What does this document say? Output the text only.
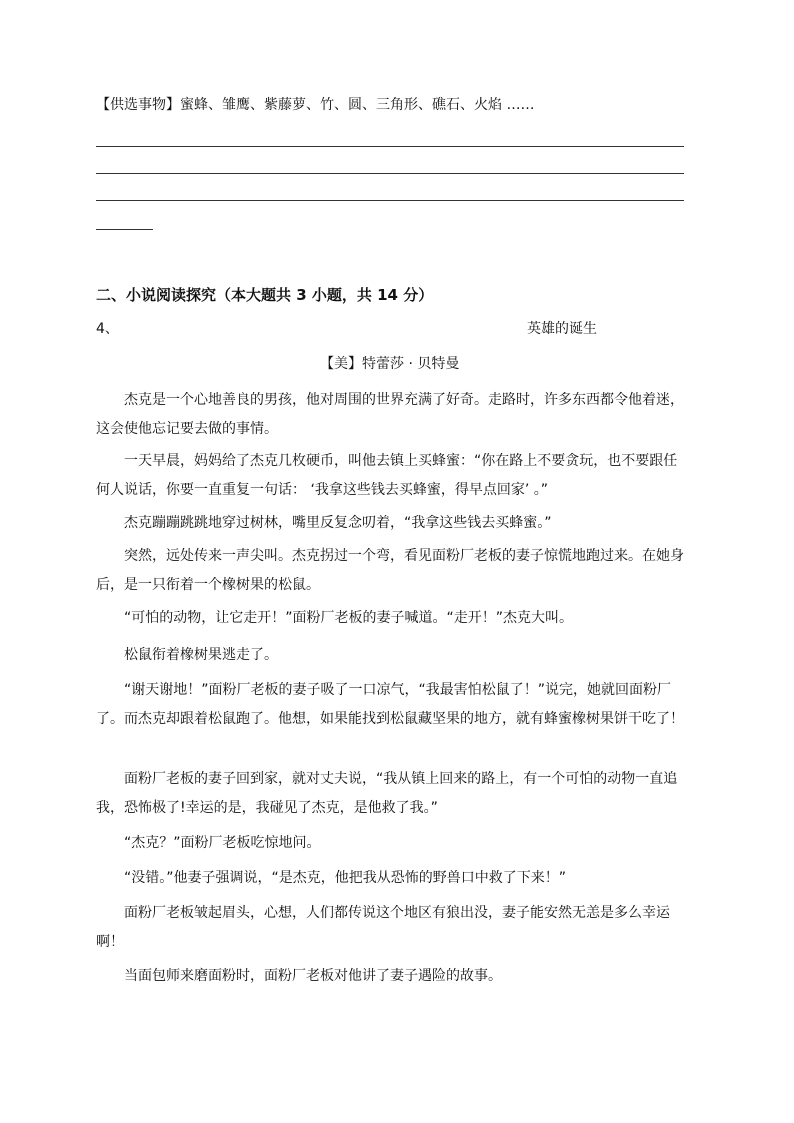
【供选事物】蜜蜂、雏鹰、紫藤萝、竹、圆、三角形、礁石、火焰 ……
二、小说阅读探究（本大题共 3 小题，共 14 分）
4、	英雄的诞生
【美】特蕾莎 · 贝特曼
杰克是一个心地善良的男孩，他对周围的世界充满了好奇。走路时，许多东西都令他着迷，这会使他忘记要去做的事情。
一天早晨，妈妈给了杰克几枚硬币，叫他去镇上买蜂蜜：“你在路上不要贪玩，也不要跟任何人说话，你要一直重复一句话： ‘我拿这些钱去买蜂蜜，得早点回家’ 。”
杰克蹦蹦跳跳地穿过树林，嘴里反复念叨着，“我拿这些钱去买蜂蜜。”
突然，远处传来一声尖叫。杰克拐过一个弯，看见面粉厂老板的妻子惊慌地跑过来。在她身后，是一只衔着一个橡树果的松鼠。
“可怕的动物，让它走开！”面粉厂老板的妻子喊道。“走开！”杰克大叫。
松鼠衔着橡树果逃走了。
“谢天谢地！”面粉厂老板的妻子吸了一口凉气，“我最害怕松鼠了！”说完，她就回面粉厂了。而杰克却跟着松鼠跑了。他想，如果能找到松鼠藏坚果的地方，就有蜂蜜橡树果饼干吃了！
面粉厂老板的妻子回到家，就对丈夫说，“我从镇上回来的路上，有一个可怕的动物一直追我，恐怖极了!幸运的是，我碰见了杰克，是他救了我。”
“杰克？”面粉厂老板吃惊地问。
“没错。”他妻子强调说，“是杰克，他把我从恐怖的野兽口中救了下来！”
面粉厂老板皱起眉头，心想，人们都传说这个地区有狼出没，妻子能安然无恙是多么幸运啊！
当面包师来磨面粉时，面粉厂老板对他讲了妻子遇险的故事。
